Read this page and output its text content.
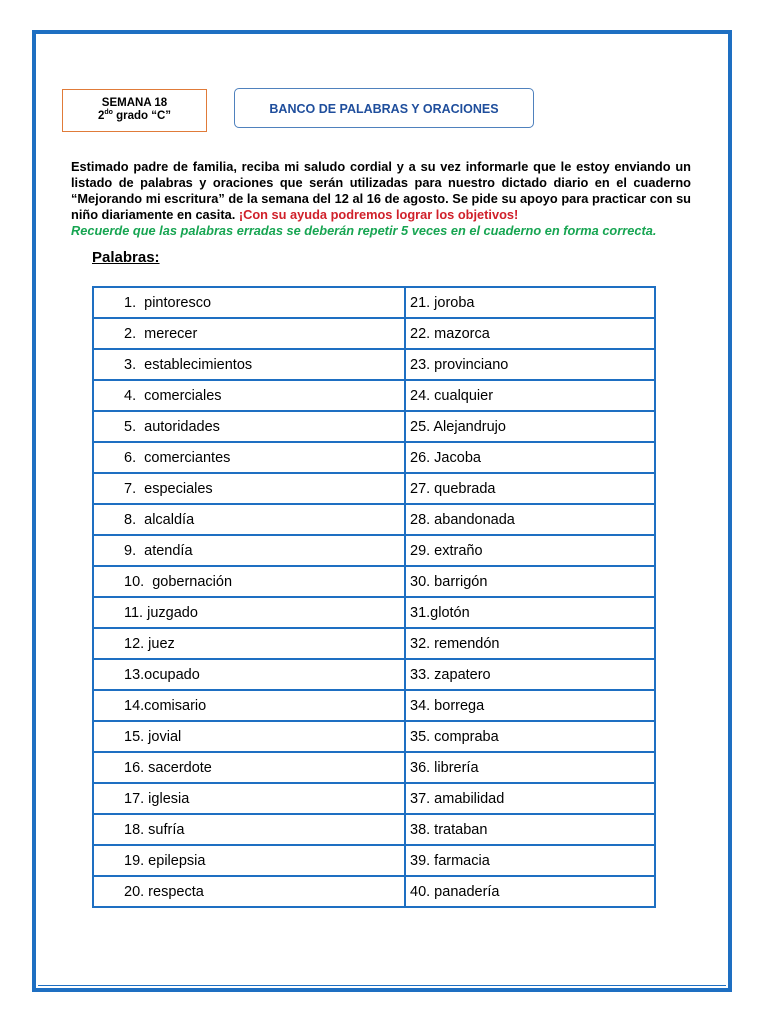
SEMANA 18
$2^{do}$ grado “C”	BANCO DE PALABRAS Y ORACIONES
Estimado padre de familia, reciba mi saludo cordial y a su vez informarle que le estoy enviando un listado de palabras y oraciones que serán utilizadas para nuestro dictado diario en el cuaderno “Mejorando mi escritura” de la semana del 12 al 16 de agosto. Se pide su apoyo para practicar con su niño diariamente en casita. ¡Con su ayuda podremos lograr los objetivos!
Recuerde que las palabras erradas se deberán repetir 5 veces en el cuaderno en forma correcta.
Palabras:
1.  pintoresco	21. joroba
2.  merecer	22. mazorca
3.  establecimientos	23. provinciano
4.  comerciales	24. cualquier
5.  autoridades	25. Alejandrujo
6.  comerciantes	26. Jacoba
7.  especiales	27. quebrada
8.  alcaldía	28. abandonada
9.  atendía	29. extraño
10.  gobernación	30. barrigón
11. juzgado	31.glotón
12. juez	32. remendón
13.ocupado	33. zapatero
14.comisario	34. borrega
15. jovial	35. compraba
16. sacerdote	36. librería
17. iglesia	37. amabilidad
18. sufría	38. trataban
19. epilepsia	39. farmacia
20. respecta	40. panadería
